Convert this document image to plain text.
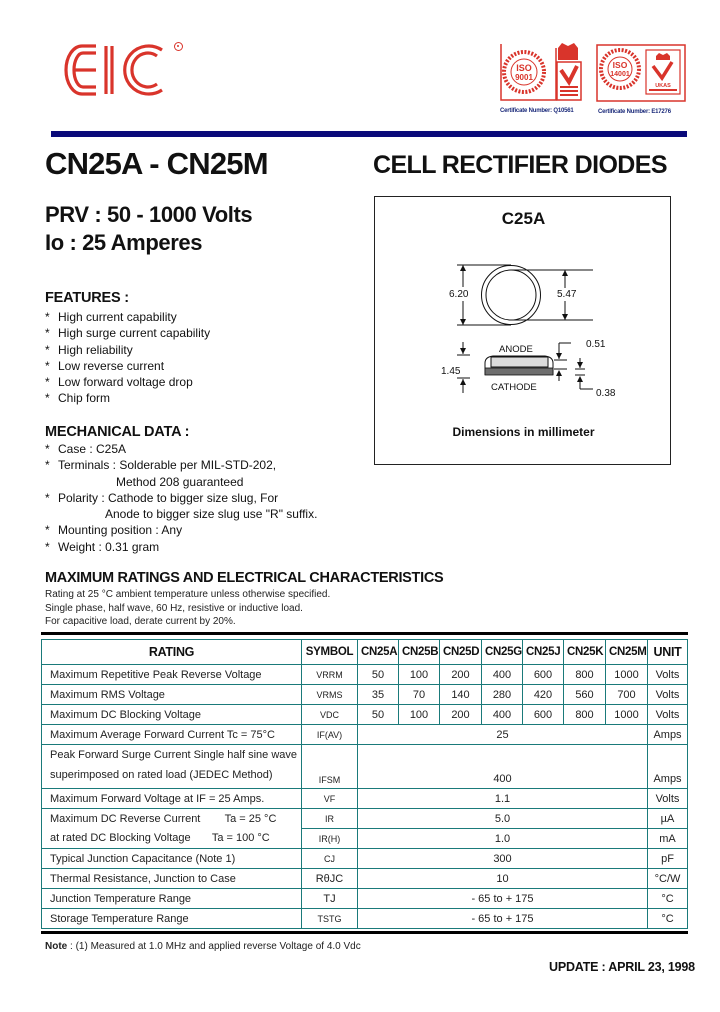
ISO
9001
ISO
14001
UKAS
Certificate Number: Q10561	Certificate Number: E17276
CN25A - CN25M	CELL RECTIFIER DIODES
PRV : 50 - 1000 Volts
Io : 25 Amperes
FEATURES :
* High current capability
* High surge current capability
* High reliability
* Low reverse current
* Low forward voltage drop
* Chip form
MECHANICAL DATA :
* Case : C25A
* Terminals : Solderable per MIL-STD-202,
Method 208 guaranteed
* Polarity : Cathode to bigger size slug, For
Anode to bigger size slug use "R" suffix.
* Mounting position : Any
* Weight : 0.31 gram
C25A
6.20	5.47
1.45
0.51
0.38
ANODE
CATHODE
Dimensions in millimeter
MAXIMUM RATINGS AND ELECTRICAL CHARACTERISTICS
Rating at 25 °C ambient temperature unless otherwise specified.
Single phase, half wave, 60 Hz, resistive or inductive load.
For capacitive load, derate current by 20%.
RATING	SYMBOL	CN25A	CN25B	CN25D	CN25G	CN25J	CN25K	CN25M	UNIT
Maximum Repetitive Peak Reverse Voltage	VRRM	50	100	200	400	600	800	1000	Volts
Maximum RMS Voltage	VRMS	35	70	140	280	420	560	700	Volts
Maximum DC Blocking Voltage	VDC	50	100	200	400	600	800	1000	Volts
Maximum Average Forward Current Tc = 75°C	IF(AV)	25							Amps

Peak Forward Surge Current Single half sine wave
superimposed on rated load (JEDEC Method)	IFSM	400							Amps
Maximum Forward Voltage at IF = 25 Amps.	VF	1.1							Volts
Maximum DC Reverse Current        Ta = 25 °C	IR	5.0							µA
at rated DC Blocking Voltage       Ta = 100 °C	IR(H)	1.0							mA
Typical Junction Capacitance (Note 1)	CJ	300							pF
Thermal Resistance, Junction to Case	RθJC	10							°C/W
Junction Temperature Range	TJ	- 65 to + 175							°C
Storage Temperature Range	TSTG	- 65 to + 175							°C
Note : (1) Measured at 1.0 MHz and applied reverse Voltage of 4.0 Vdc
UPDATE : APRIL 23, 1998
